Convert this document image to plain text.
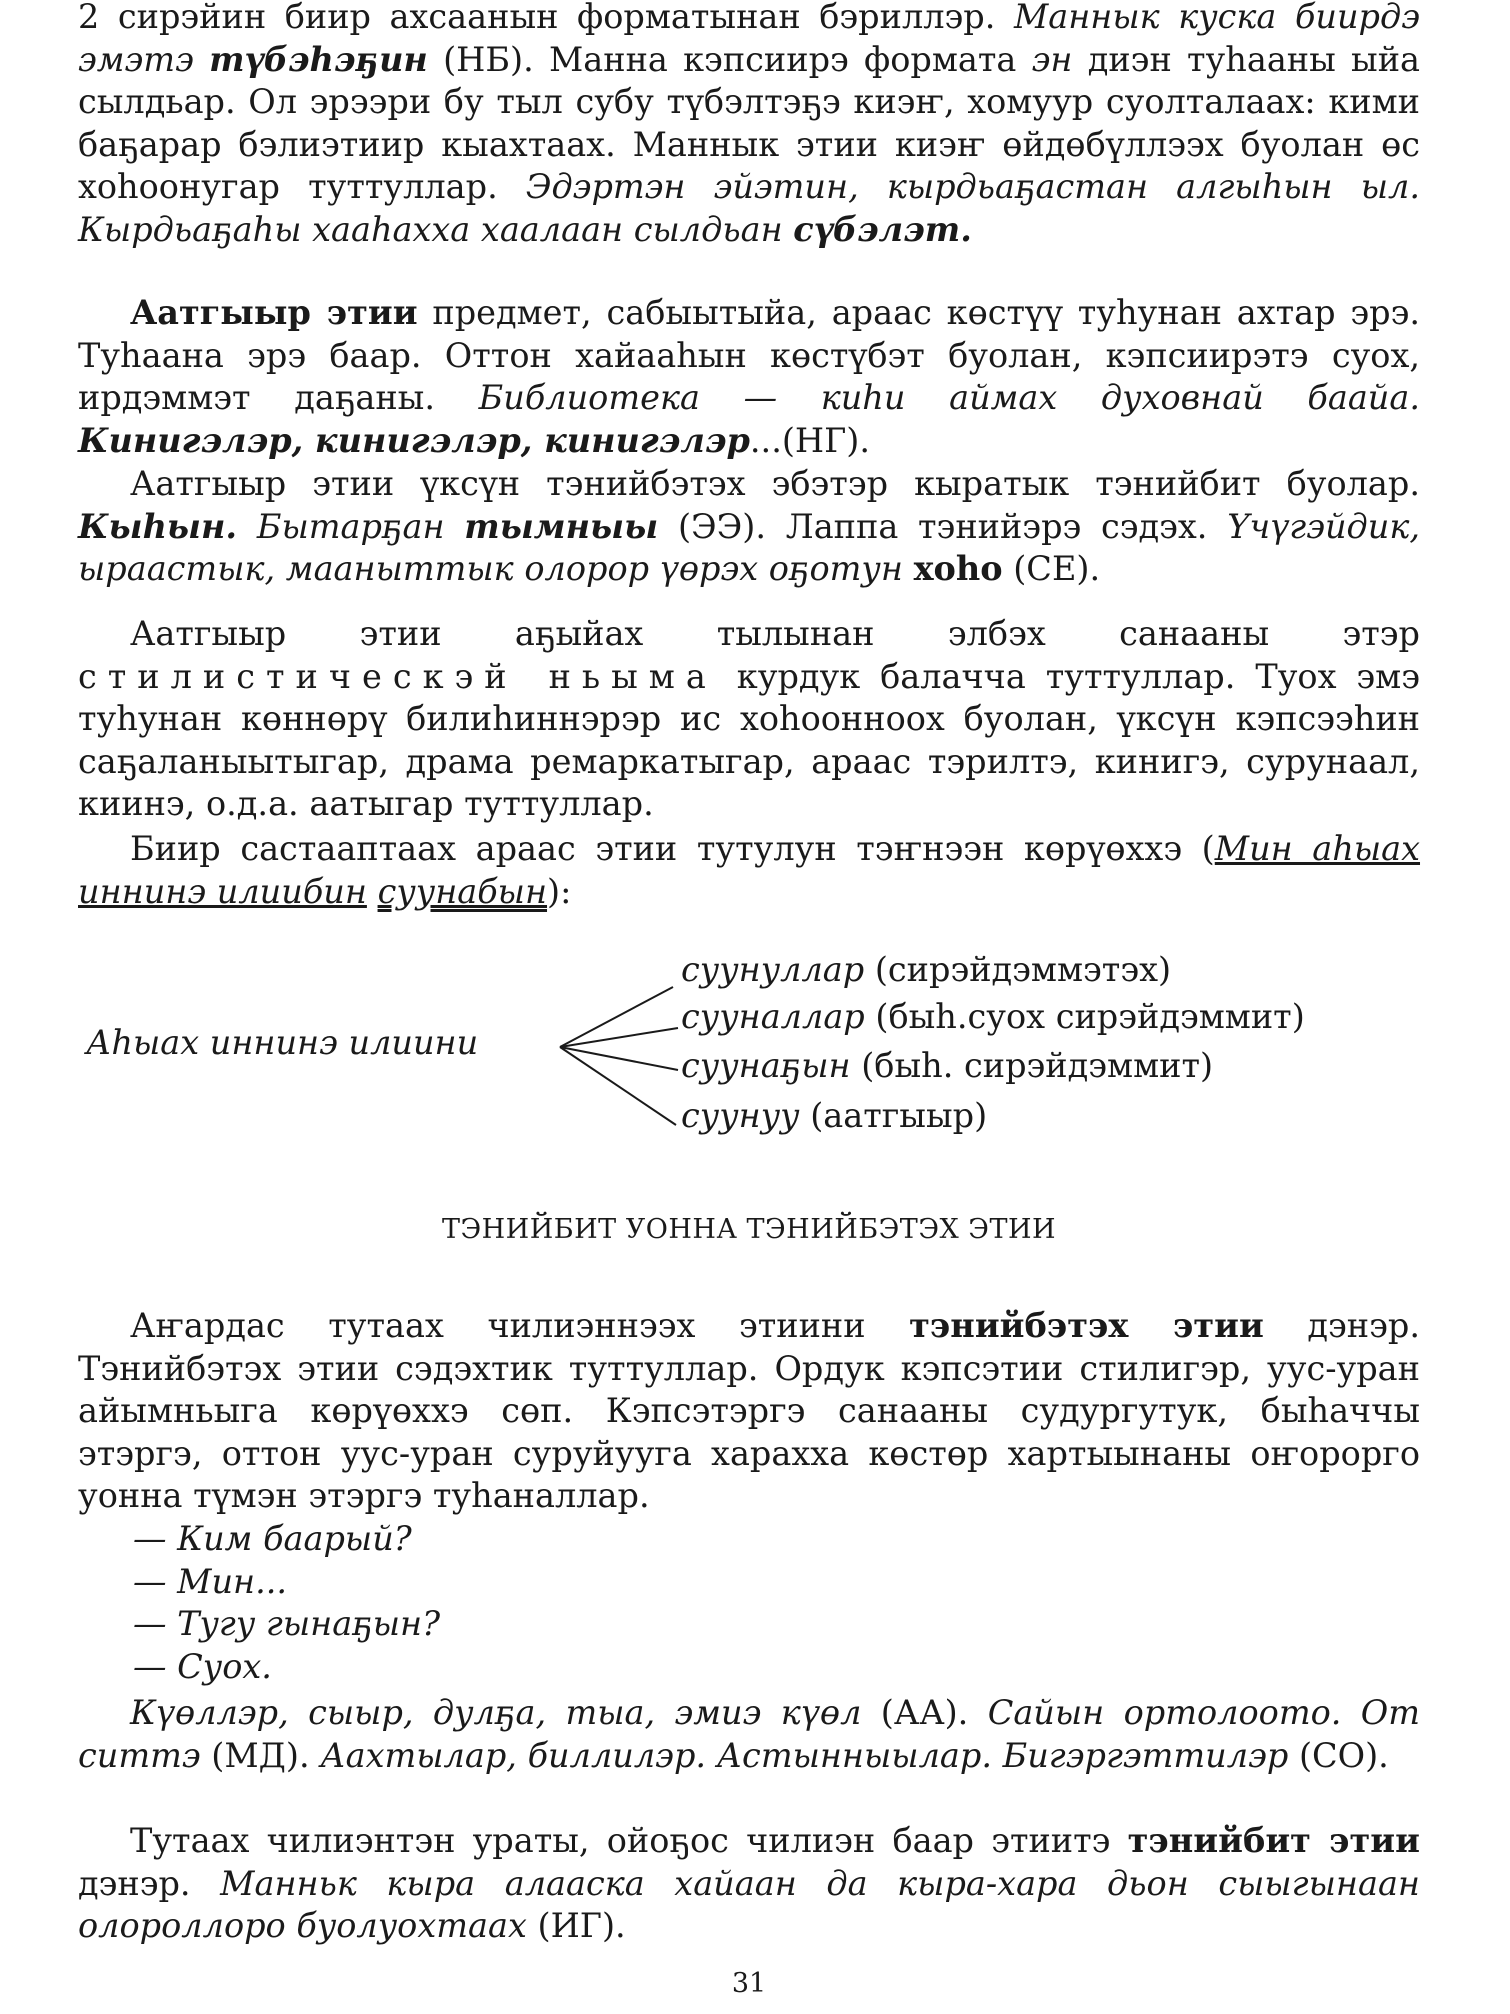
2 сирэйин биир ахсаанын форматынан бэриллэр. Маннык куска биирдэ эмэтэ түбэһэҕин (НБ). Манна кэпсиирэ формата эн диэн туһааны ыйа сылдьар. Ол эрээри бу тыл субу түбэлтэҕэ киэҥ, хомуур суолталаах: кими баҕарар бэлиэтиир кыахтаах. Маннык этии киэҥ өйдөбүллээх буолан өс хоһоонугар туттуллар. Эдэртэн эйэтин, кырдьаҕастан алгыһын ыл. Кырдьаҕаһы хааһахха хаалаан сылдьан сүбэлэт.

Аатгыыр этии предмет, сабыытыйа, араас көстүү туһунан ахтар эрэ. Туһаана эрэ баар. Оттон хайааһын көстүбэт буолан, кэпсиирэтэ суох, ирдэммэт даҕаны. Библиотека — киһи аймах духовнай баайа. Кинигэлэр, кинигэлэр, кинигэлэр...(НГ).

Аатгыыр этии үксүн тэнийбэтэх эбэтэр кыратык тэнийбит буолар. Кыһын. Бытарҕан тымныы (ЭЭ). Лаппа тэнийэрэ сэдэх. Үчүгэйдик, ыраастык, мааныттык олорор үөрэх оҕотун хоһо (СЕ).

Аатгыыр этии аҕыйах тылынан элбэх санааны этэр стилистическэй ньыма курдук балачча туттуллар. Туох эмэ туһунан көннөрү билиһиннэрэр ис хоһоонноох буолан, үксүн кэпсээһин саҕаланыытыгар, драма ремаркатыгар, араас тэрилтэ, кинигэ, сурунаал, киинэ, о.д.а. аатыгар туттуллар.

Биир састааптаах араас этии тутулун тэҥнээн көрүөххэ (Мин аһыах иннинэ илиибин суунабын):

Аһыах иннинэ илиини
суунуллар (сирэйдэммэтэх)
сууналлар (быһ.суох сирэйдэммит)
суунаҕын (быһ. сирэйдэммит)
суунуу (аатгыыр)
ТЭНИЙБИТ УОННА ТЭНИЙБЭТЭХ ЭТИИ

Аҥардас тутаах чилиэннээх этиини тэнийбэтэх этии дэнэр. Тэнийбэтэх этии сэдэхтик туттуллар. Ордук кэпсэтии стилигэр, уус-уран айымньыга көрүөххэ сөп. Кэпсэтэргэ санааны судургутук, быһаччы этэргэ, оттон уус-уран суруйууга харахха көстөр хартыынаны оҥорорго уонна түмэн этэргэ туһаналлар.

— Ким баарый?
— Мин...
— Тугу гынаҕын?
— Суох.

Күөллэр, сыыр, дулҕа, тыа, эмиэ күөл (АА). Сайын ортолоото. От ситтэ (МД). Аахтылар, биллилэр. Астынныылар. Бигэргэттилэр (СО).

Тутаах чилиэнтэн ураты, ойоҕос чилиэн баар этиитэ тэнийбит этии дэнэр. Манньк кыра алааска хайаан да кыра-хара дьон сыыгынаан олороллоро буолуохтаах (ИГ).

31
